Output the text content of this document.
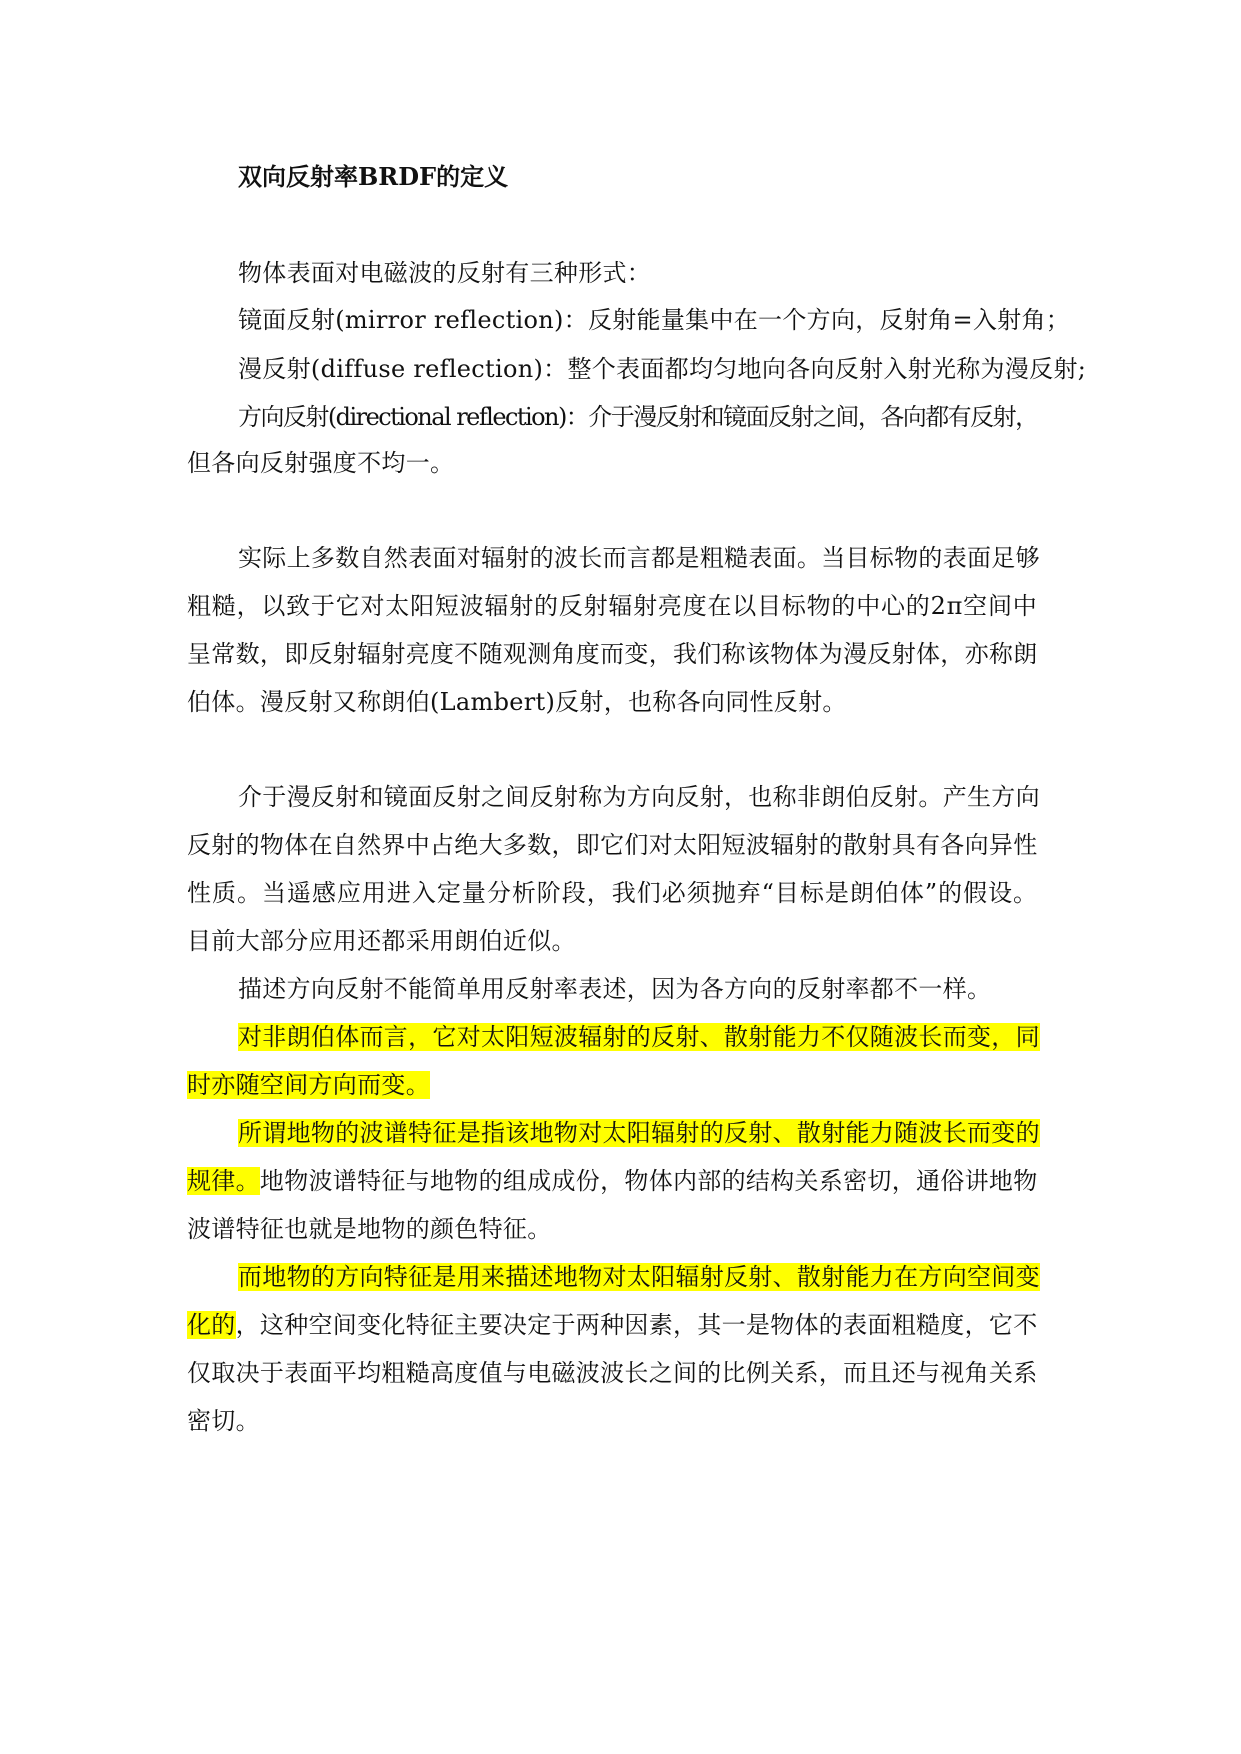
双向反射率BRDF的定义
物体表面对电磁波的反射有三种形式：
镜面反射(mirror reflection)：反射能量集中在一个方向，反射角=入射角；
漫反射(diffuse reflection)：整个表面都均匀地向各向反射入射光称为漫反射;
方向反射(directional reflection)：介于漫反射和镜面反射之间，各向都有反射，
但各向反射强度不均一。
实际上多数自然表面对辐射的波长而言都是粗糙表面。当目标物的表面足够
粗糙，以致于它对太阳短波辐射的反射辐射亮度在以目标物的中心的2π空间中
呈常数，即反射辐射亮度不随观测角度而变，我们称该物体为漫反射体，亦称朗
伯体。漫反射又称朗伯(Lambert)反射，也称各向同性反射。
介于漫反射和镜面反射之间反射称为方向反射，也称非朗伯反射。产生方向
反射的物体在自然界中占绝大多数，即它们对太阳短波辐射的散射具有各向异性
性质。当遥感应用进入定量分析阶段，我们必须抛弃“目标是朗伯体”的假设。
目前大部分应用还都采用朗伯近似。
描述方向反射不能简单用反射率表述，因为各方向的反射率都不一样。
对非朗伯体而言，它对太阳短波辐射的反射、散射能力不仅随波长而变，同
时亦随空间方向而变。
所谓地物的波谱特征是指该地物对太阳辐射的反射、散射能力随波长而变的
规律。地物波谱特征与地物的组成成份，物体内部的结构关系密切，通俗讲地物
波谱特征也就是地物的颜色特征。
而地物的方向特征是用来描述地物对太阳辐射反射、散射能力在方向空间变
化的，这种空间变化特征主要决定于两种因素，其一是物体的表面粗糙度，它不
仅取决于表面平均粗糙高度值与电磁波波长之间的比例关系，而且还与视角关系
密切。
